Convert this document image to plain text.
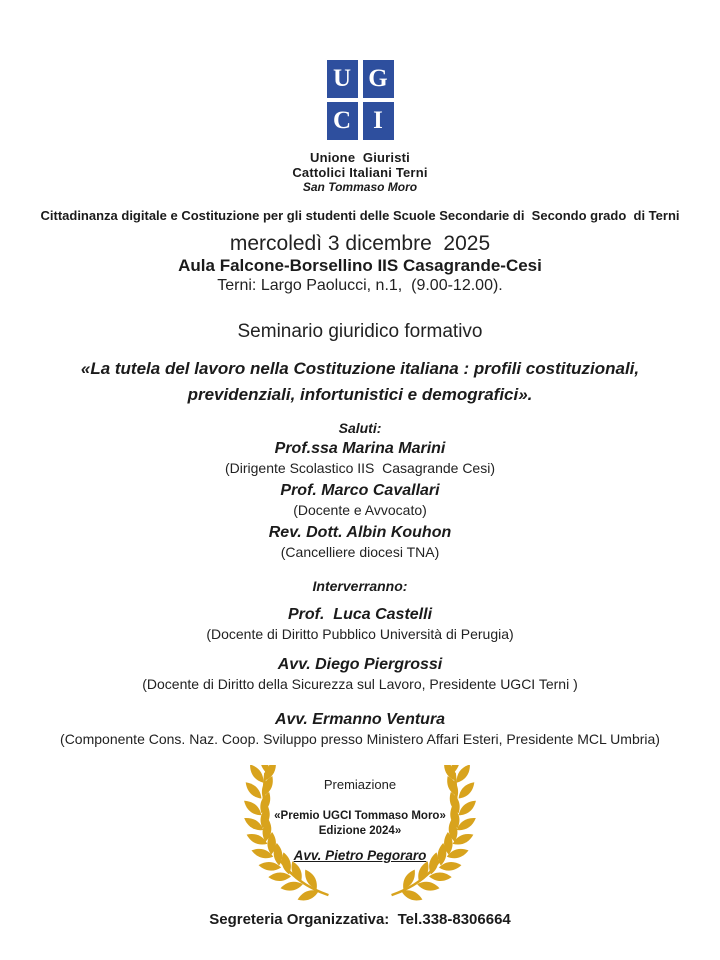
U G
C I
Unione  Giuristi
Cattolici Italiani Terni
San Tommaso Moro
Cittadinanza digitale e Costituzione per gli studenti delle Scuole Secondarie di  Secondo grado  di Terni
mercoledì 3 dicembre  2025
Aula Falcone-Borsellino IIS Casagrande-Cesi
Terni: Largo Paolucci, n.1,  (9.00-12.00).
Seminario giuridico formativo
«La tutela del lavoro nella Costituzione italiana : profili costituzionali,
previdenziali, infortunistici e demografici».
Saluti:
Prof.ssa Marina Marini
(Dirigente Scolastico IIS  Casagrande Cesi)
Prof. Marco Cavallari
(Docente e Avvocato)
Rev. Dott. Albin Kouhon
(Cancelliere diocesi TNA)
Interverranno:
Prof.  Luca Castelli
(Docente di Diritto Pubblico Università di Perugia)
Avv. Diego Piergrossi
(Docente di Diritto della Sicurezza sul Lavoro, Presidente UGCI Terni )
Avv. Ermanno Ventura
(Componente Cons. Naz. Coop. Sviluppo presso Ministero Affari Esteri, Presidente MCL Umbria)
Premiazione
«Premio UGCI Tommaso Moro»
Edizione 2024»
Avv. Pietro Pegoraro
Segreteria Organizzativa:  Tel.338-8306664
